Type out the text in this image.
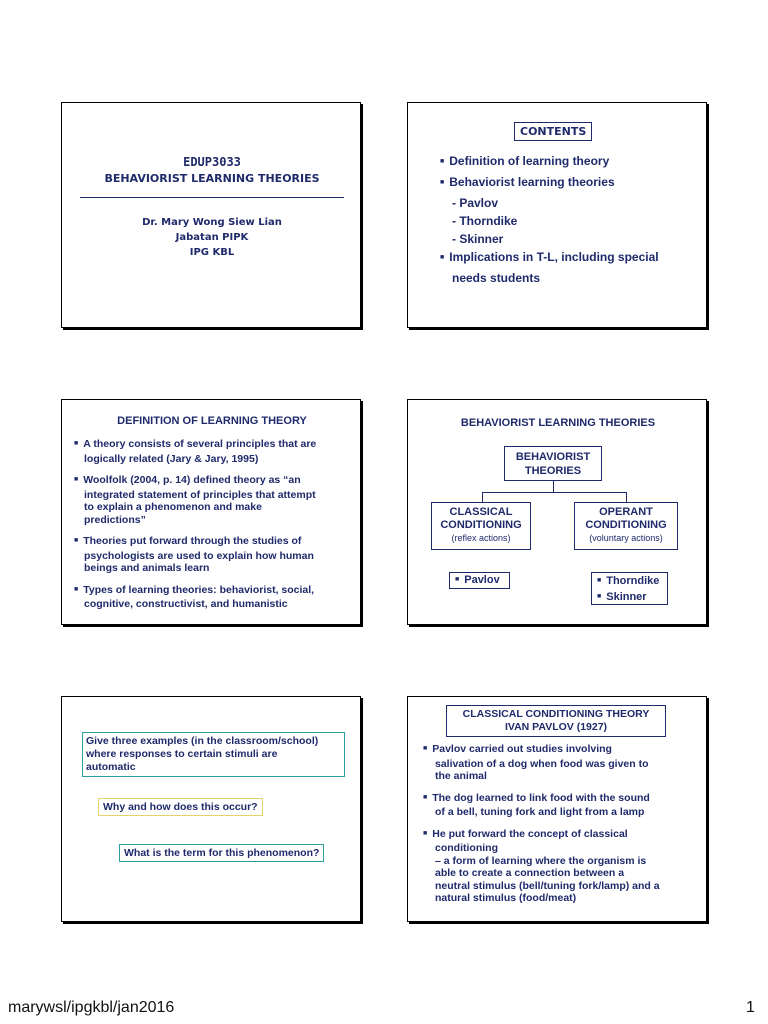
EDUP3033
BEHAVIORIST LEARNING THEORIES
Dr. Mary Wong Siew Lian
Jabatan PIPK
IPG KBL
CONTENTS
■ Definition of learning theory
■ Behaviorist learning theories
- Pavlov
- Thorndike
- Skinner
■ Implications in T-L, including special
needs students
DEFINITION OF LEARNING THEORY
■ A theory consists of several principles that are
logically related (Jary & Jary, 1995)
■ Woolfolk (2004, p. 14) defined theory as “an
integrated statement of principles that attempt
to explain a phenomenon and make
predictions”
■ Theories put forward through the studies of
psychologists are used to explain how human
beings and animals learn
■ Types of learning theories: behaviorist, social,
cognitive, constructivist, and humanistic
BEHAVIORIST LEARNING THEORIES
BEHAVIORIST
THEORIES
CLASSICAL
CONDITIONING
(reflex actions)
OPERANT
CONDITIONING
(voluntary actions)
■ Pavlov	■ Thorndike
■ Skinner
Give three examples (in the classroom/school)
where responses to certain stimuli are
automatic
Why and how does this occur?
What is the term for this phenomenon?
CLASSICAL CONDITIONING THEORY
IVAN PAVLOV (1927)
■ Pavlov carried out studies involving
salivation of a dog when food was given to
the animal
■ The dog learned to link food with the sound
of a bell, tuning fork and light from a lamp
■ He put forward the concept of classical
conditioning
– a form of learning where the organism is
able to create a connection between a
neutral stimulus (bell/tuning fork/lamp) and a
natural stimulus (food/meat)
marywsl/ipgkbl/jan2016	1
